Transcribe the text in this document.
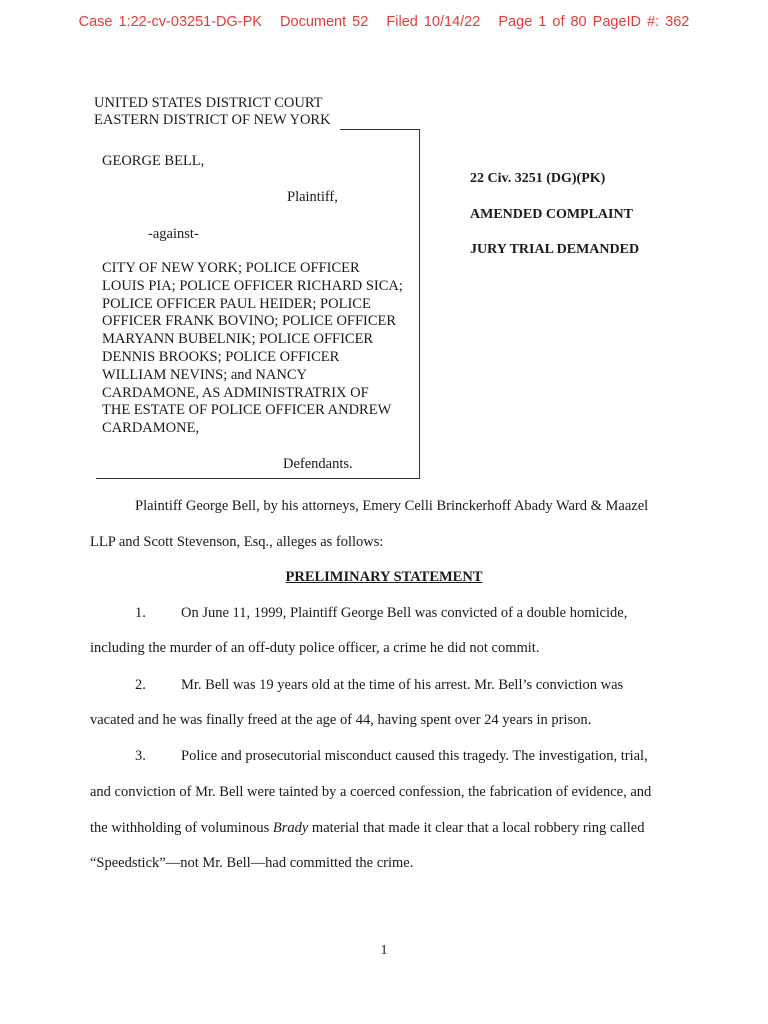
Case 1:22-cv-03251-DG-PK Document 52 Filed 10/14/22 Page 1 of 80 PageID #: 362
UNITED STATES DISTRICT COURT
EASTERN DISTRICT OF NEW YORK
GEORGE BELL,
Plaintiff,
-against-
CITY OF NEW YORK; POLICE OFFICER
LOUIS PIA; POLICE OFFICER RICHARD SICA;
POLICE OFFICER PAUL HEIDER; POLICE
OFFICER FRANK BOVINO; POLICE OFFICER
MARYANN BUBELNIK; POLICE OFFICER
DENNIS BROOKS; POLICE OFFICER
WILLIAM NEVINS; and NANCY
CARDAMONE, AS ADMINISTRATRIX OF
THE ESTATE OF POLICE OFFICER ANDREW
CARDAMONE,
Defendants.
22 Civ. 3251 (DG)(PK)
AMENDED COMPLAINT
JURY TRIAL DEMANDED
Plaintiff George Bell, by his attorneys, Emery Celli Brinckerhoff Abady Ward & Maazel
LLP and Scott Stevenson, Esq., alleges as follows:
PRELIMINARY STATEMENT
1.	On June 11, 1999, Plaintiff George Bell was convicted of a double homicide,
including the murder of an off-duty police officer, a crime he did not commit.
2.	Mr. Bell was 19 years old at the time of his arrest. Mr. Bell’s conviction was
vacated and he was finally freed at the age of 44, having spent over 24 years in prison.
3.	Police and prosecutorial misconduct caused this tragedy. The investigation, trial,
and conviction of Mr. Bell were tainted by a coerced confession, the fabrication of evidence, and
the withholding of voluminous Brady material that made it clear that a local robbery ring called
“Speedstick”—not Mr. Bell—had committed the crime.
1
